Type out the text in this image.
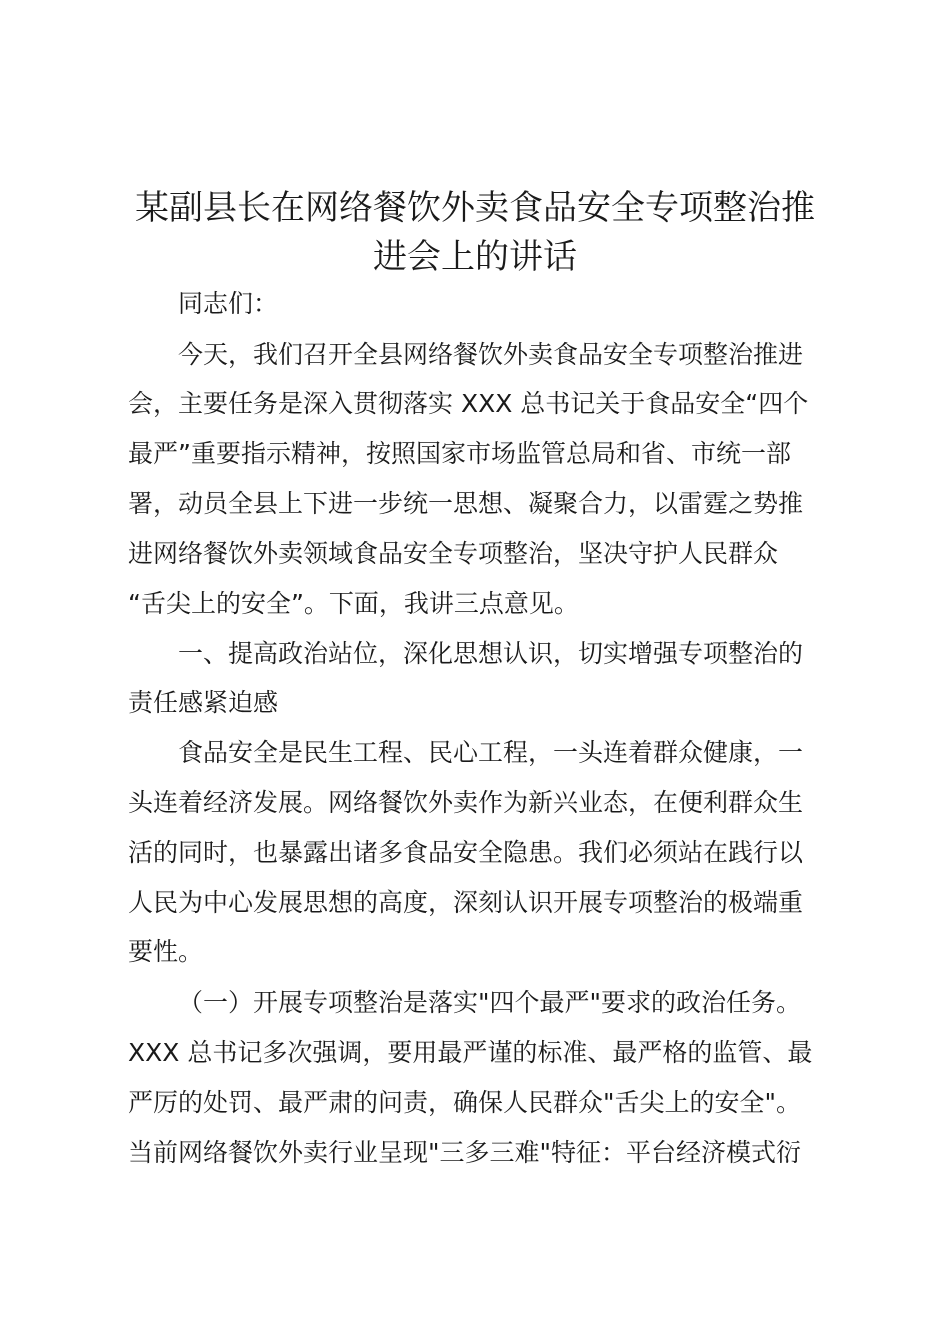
某副县长在网络餐饮外卖食品安全专项整治推
进会上的讲话

同志们：

今天，我们召开全县网络餐饮外卖食品安全专项整治推进

会，主要任务是深入贯彻落实 XXX 总书记关于食品安全“四个

最严”重要指示精神，按照国家市场监管总局和省、市统一部

署，动员全县上下进一步统一思想、凝聚合力，以雷霆之势推

进网络餐饮外卖领域食品安全专项整治，坚决守护人民群众

“舌尖上的安全”。下面，我讲三点意见。

一、提高政治站位，深化思想认识，切实增强专项整治的

责任感紧迫感

食品安全是民生工程、民心工程，一头连着群众健康，一

头连着经济发展。网络餐饮外卖作为新兴业态，在便利群众生

活的同时，也暴露出诸多食品安全隐患。我们必须站在践行以

人民为中心发展思想的高度，深刻认识开展专项整治的极端重

要性。

（一）开展专项整治是落实"四个最严"要求的政治任务。

XXX 总书记多次强调，要用最严谨的标准、最严格的监管、最

严厉的处罚、最严肃的问责，确保人民群众"舌尖上的安全"。

当前网络餐饮外卖行业呈现"三多三难"特征：平台经济模式衍
